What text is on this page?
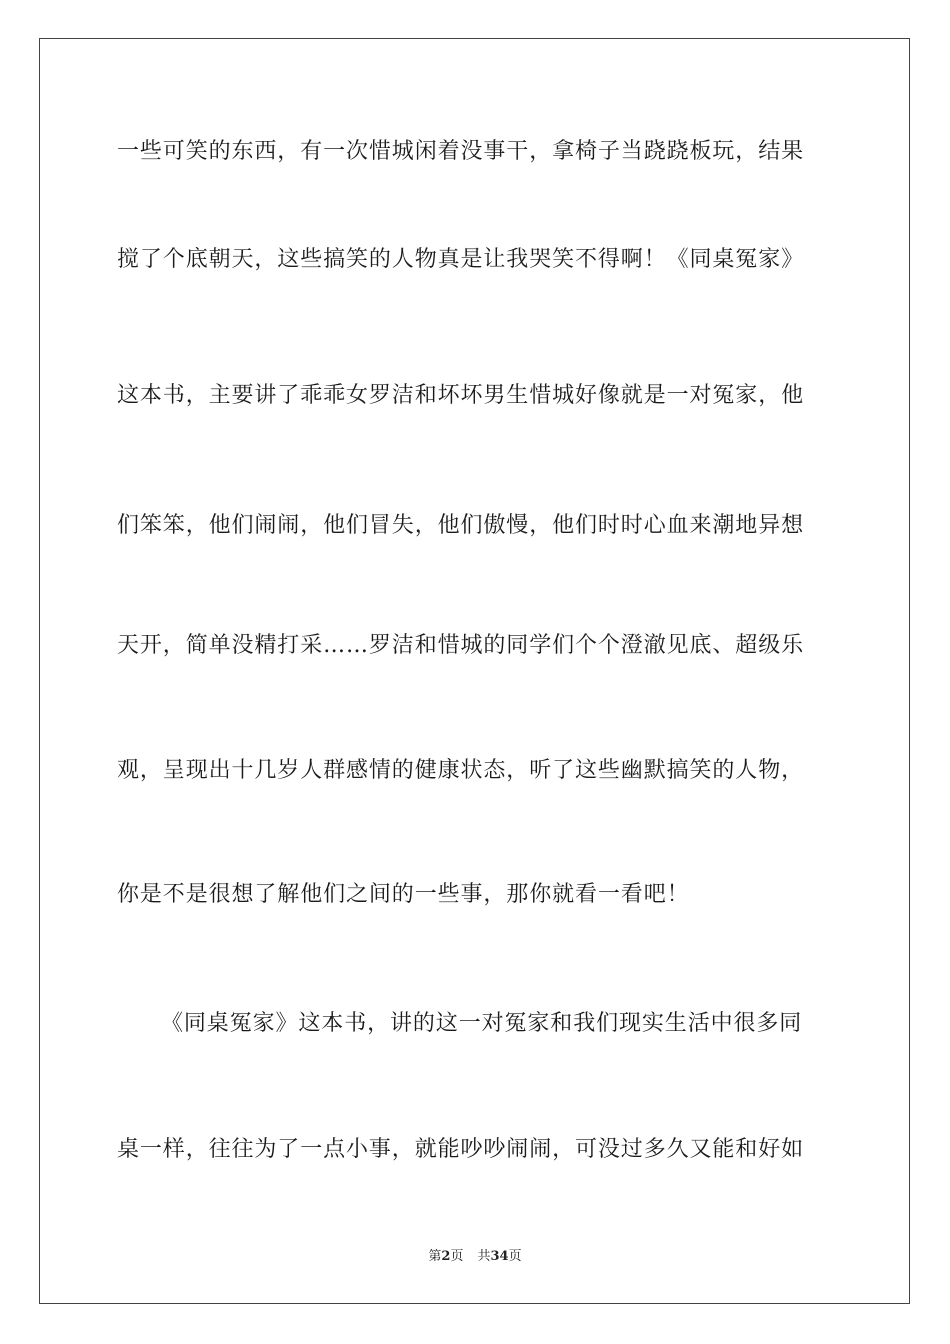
一些可笑的东西，有一次惜城闲着没事干，拿椅子当跷跷板玩，结果
搅了个底朝天，这些搞笑的人物真是让我哭笑不得啊！《同桌冤家》
这本书，主要讲了乖乖女罗洁和坏坏男生惜城好像就是一对冤家，他
们笨笨，他们闹闹，他们冒失，他们傲慢，他们时时心血来潮地异想
天开，简单没精打采……罗洁和惜城的同学们个个澄澈见底、超级乐
观，呈现出十几岁人群感情的健康状态，听了这些幽默搞笑的人物，
你是不是很想了解他们之间的一些事，那你就看一看吧！
《同桌冤家》这本书，讲的这一对冤家和我们现实生活中很多同
桌一样，往往为了一点小事，就能吵吵闹闹，可没过多久又能和好如
第2页 共34页
